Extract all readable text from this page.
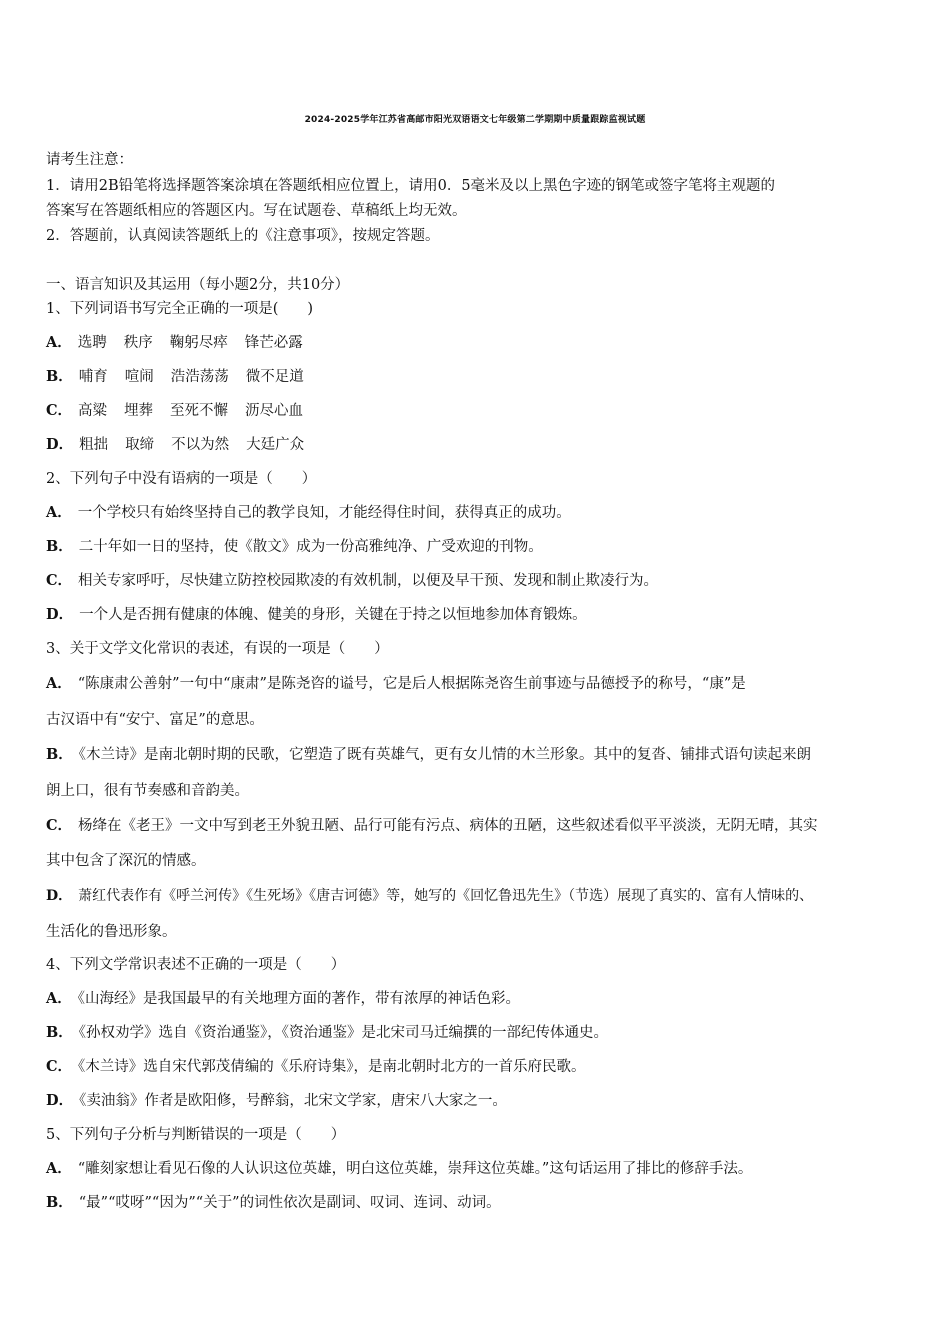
2024-2025学年江苏省高邮市阳光双语语文七年级第二学期期中质量跟踪监视试题
请考生注意：
1．请用2B铅笔将选择题答案涂填在答题纸相应位置上，请用0．5毫米及以上黑色字迹的钢笔或签字笔将主观题的
答案写在答题纸相应的答题区内。写在试题卷、草稿纸上均无效。
2．答题前，认真阅读答题纸上的《注意事项》，按规定答题。
一、语言知识及其运用（每小题2分，共10分）
1、下列词语书写完全正确的一项是(　　)
A． 选聘 秩序 鞠躬尽瘁 锋芒必露
B． 哺育 喧闹 浩浩荡荡 微不足道
C． 高粱 埋葬 至死不懈 沥尽心血
D． 粗拙 取缔 不以为然 大廷广众
2、下列句子中没有语病的一项是（　　）
A． 一个学校只有始终坚持自己的教学良知，才能经得住时间，获得真正的成功。
B． 二十年如一日的坚持，使《散文》成为一份高雅纯净、广受欢迎的刊物。
C． 相关专家呼吁，尽快建立防控校园欺凌的有效机制，以便及早干预、发现和制止欺凌行为。
D． 一个人是否拥有健康的体魄、健美的身形，关键在于持之以恒地参加体育锻炼。
3、关于文学文化常识的表述，有误的一项是（　　）
A． “陈康肃公善射”一句中“康肃”是陈尧咨的谥号，它是后人根据陈尧咨生前事迹与品德授予的称号，“康”是
古汉语中有“安宁、富足”的意思。
B． 《木兰诗》是南北朝时期的民歌，它塑造了既有英雄气，更有女儿情的木兰形象。其中的复沓、铺排式语句读起来朗
朗上口，很有节奏感和音韵美。
C． 杨绛在《老王》一文中写到老王外貌丑陋、品行可能有污点、病体的丑陋，这些叙述看似平平淡淡，无阴无晴，其实
其中包含了深沉的情感。
D． 萧红代表作有《呼兰河传》《生死场》《唐吉诃德》等，她写的《回忆鲁迅先生》（节选）展现了真实的、富有人情味的、
生活化的鲁迅形象。
4、下列文学常识表述不正确的一项是（　　）
A． 《山海经》是我国最早的有关地理方面的著作，带有浓厚的神话色彩。
B． 《孙权劝学》选自《资治通鉴》，《资治通鉴》是北宋司马迁编撰的一部纪传体通史。
C． 《木兰诗》选自宋代郭茂倩编的《乐府诗集》，是南北朝时北方的一首乐府民歌。
D． 《卖油翁》作者是欧阳修，号醉翁，北宋文学家，唐宋八大家之一。
5、下列句子分析与判断错误的一项是（　　）
A． “雕刻家想让看见石像的人认识这位英雄，明白这位英雄，崇拜这位英雄。”这句话运用了排比的修辞手法。
B． “最”“哎呀”“因为”“关于”的词性依次是副词、叹词、连词、动词。
